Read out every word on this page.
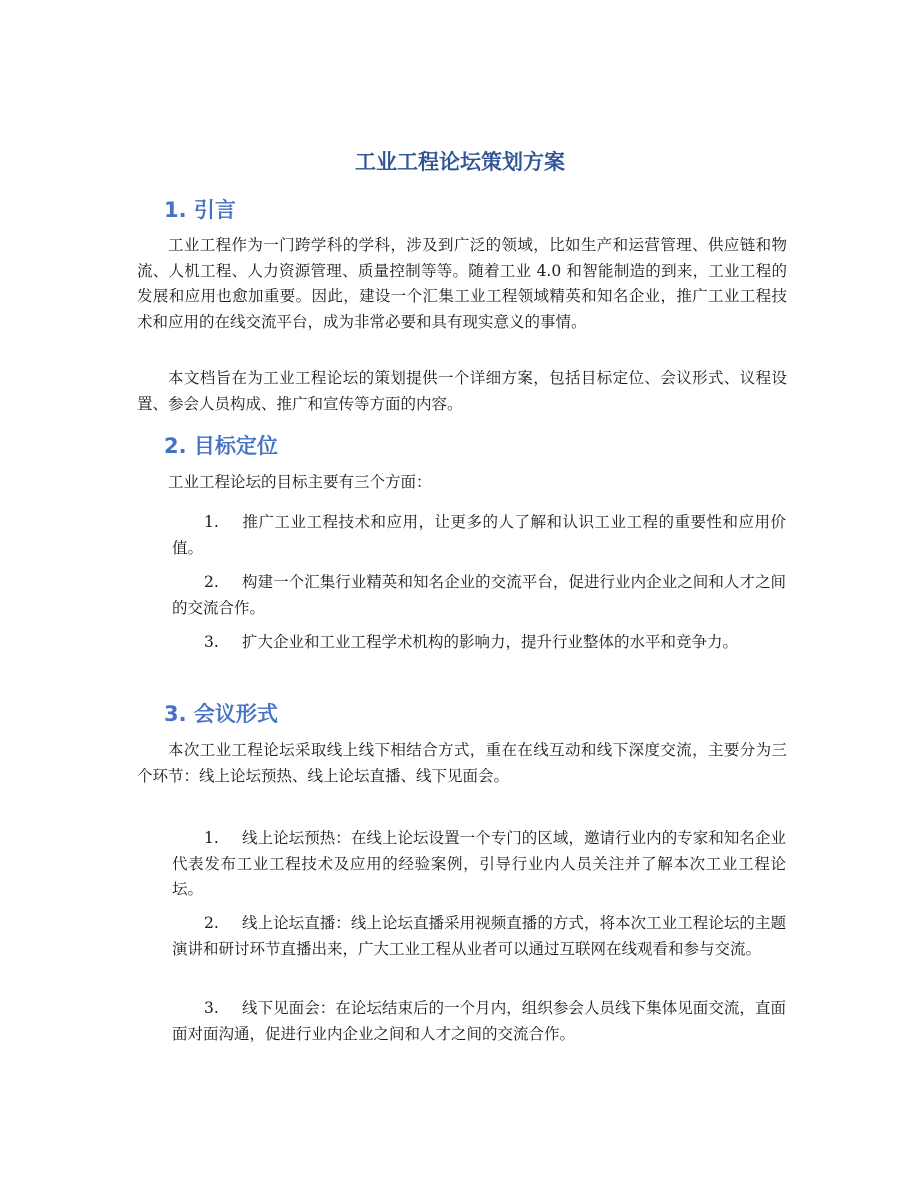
工业工程论坛策划方案
1. 引言

工业工程作为一门跨学科的学科，涉及到广泛的领域，比如生产和运营管理、供应链和物流、人机工程、人力资源管理、质量控制等等。随着工业 4.0 和智能制造的到来，工业工程的发展和应用也愈加重要。因此，建设一个汇集工业工程领域精英和知名企业，推广工业工程技术和应用的在线交流平台，成为非常必要和具有现实意义的事情。

本文档旨在为工业工程论坛的策划提供一个详细方案，包括目标定位、会议形式、议程设置、参会人员构成、推广和宣传等方面的内容。

2. 目标定位

工业工程论坛的目标主要有三个方面：

1. 推广工业工程技术和应用，让更多的人了解和认识工业工程的重要性和应用价值。

2. 构建一个汇集行业精英和知名企业的交流平台，促进行业内企业之间和人才之间的交流合作。

3. 扩大企业和工业工程学术机构的影响力，提升行业整体的水平和竞争力。

3. 会议形式

本次工业工程论坛采取线上线下相结合方式，重在在线互动和线下深度交流，主要分为三个环节：线上论坛预热、线上论坛直播、线下见面会。

1. 线上论坛预热：在线上论坛设置一个专门的区域，邀请行业内的专家和知名企业代表发布工业工程技术及应用的经验案例，引导行业内人员关注并了解本次工业工程论坛。

2. 线上论坛直播：线上论坛直播采用视频直播的方式，将本次工业工程论坛的主题演讲和研讨环节直播出来，广大工业工程从业者可以通过互联网在线观看和参与交流。

3. 线下见面会：在论坛结束后的一个月内，组织参会人员线下集体见面交流，直面面对面沟通，促进行业内企业之间和人才之间的交流合作。
